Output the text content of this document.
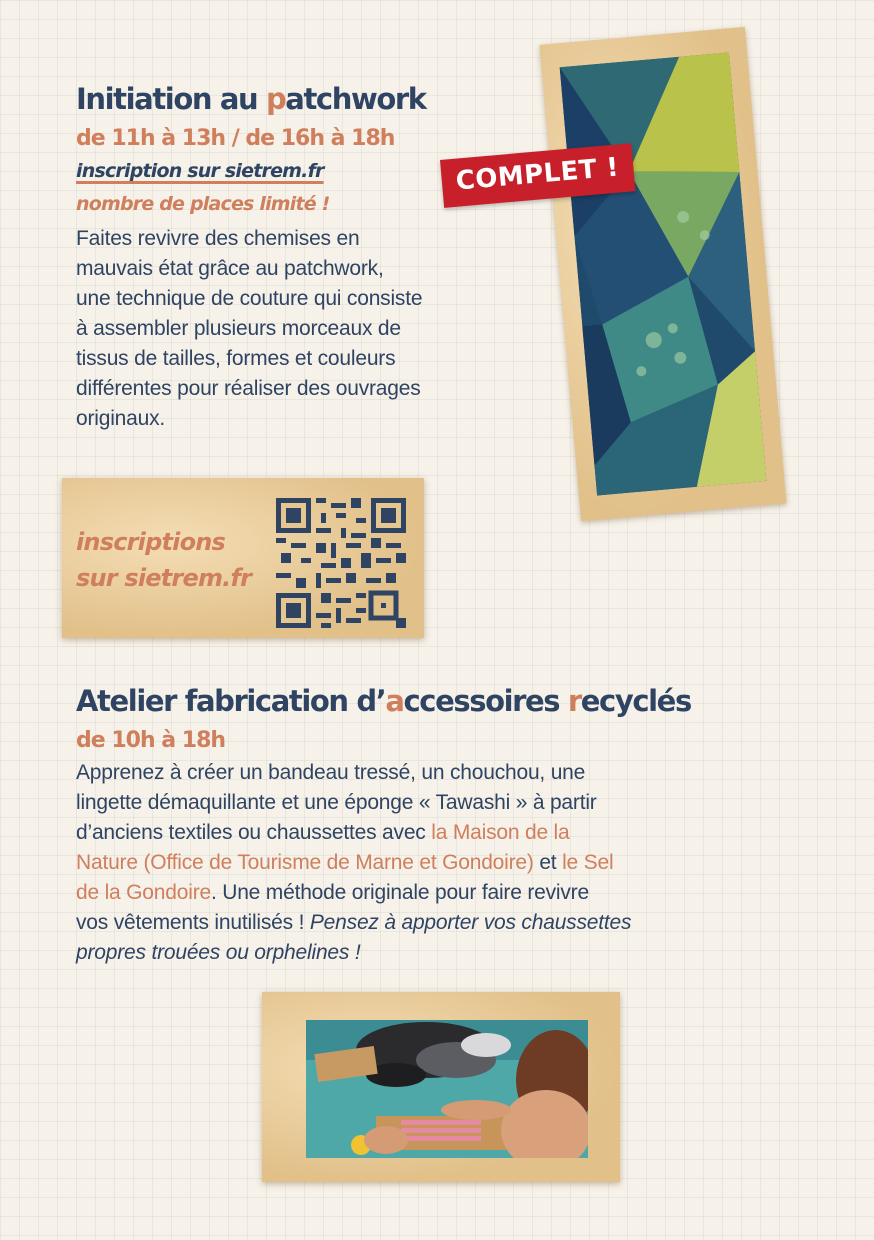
Initiation au patchwork
de 11h à 13h / de 16h à 18h
inscription sur sietrem.fr
nombre de places limité !
Faites revivre des chemises en
mauvais état grâce au patchwork,
une technique de couture qui consiste
à assembler plusieurs morceaux de
tissus de tailles, formes et couleurs
différentes pour réaliser des ouvrages
originaux.
COMPLET !
inscriptions
sur sietrem.fr
Atelier fabrication d’accessoires recyclés
de 10h à 18h
Apprenez à créer un bandeau tressé, un chouchou, une
lingette démaquillante et une éponge « Tawashi » à partir
d’anciens textiles ou chaussettes avec la Maison de la
Nature (Office de Tourisme de Marne et Gondoire) et le Sel
de la Gondoire. Une méthode originale pour faire revivre
vos vêtements inutilisés ! Pensez à apporter vos chaussettes
propres trouées ou orphelines !
